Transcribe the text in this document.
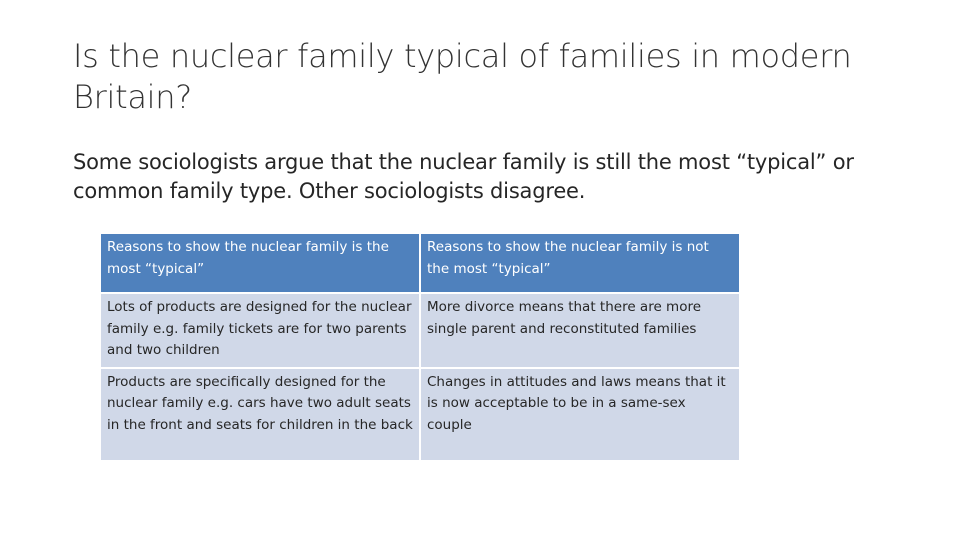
Is the nuclear family typical of families in modern Britain?
Some sociologists argue that the nuclear family is still the most “typical” or common family type. Other sociologists disagree.
Reasons to show the nuclear family is the most “typical”	Reasons to show the nuclear family is not the most “typical”
Lots of products are designed for the nuclear family e.g. family tickets are for two parents and two children	More divorce means that there are more single parent and reconstituted families
Products are specifically designed for the nuclear family e.g. cars have two adult seats in the front and seats for children in the back	Changes in attitudes and laws means that it is now acceptable to be in a same-sex couple
